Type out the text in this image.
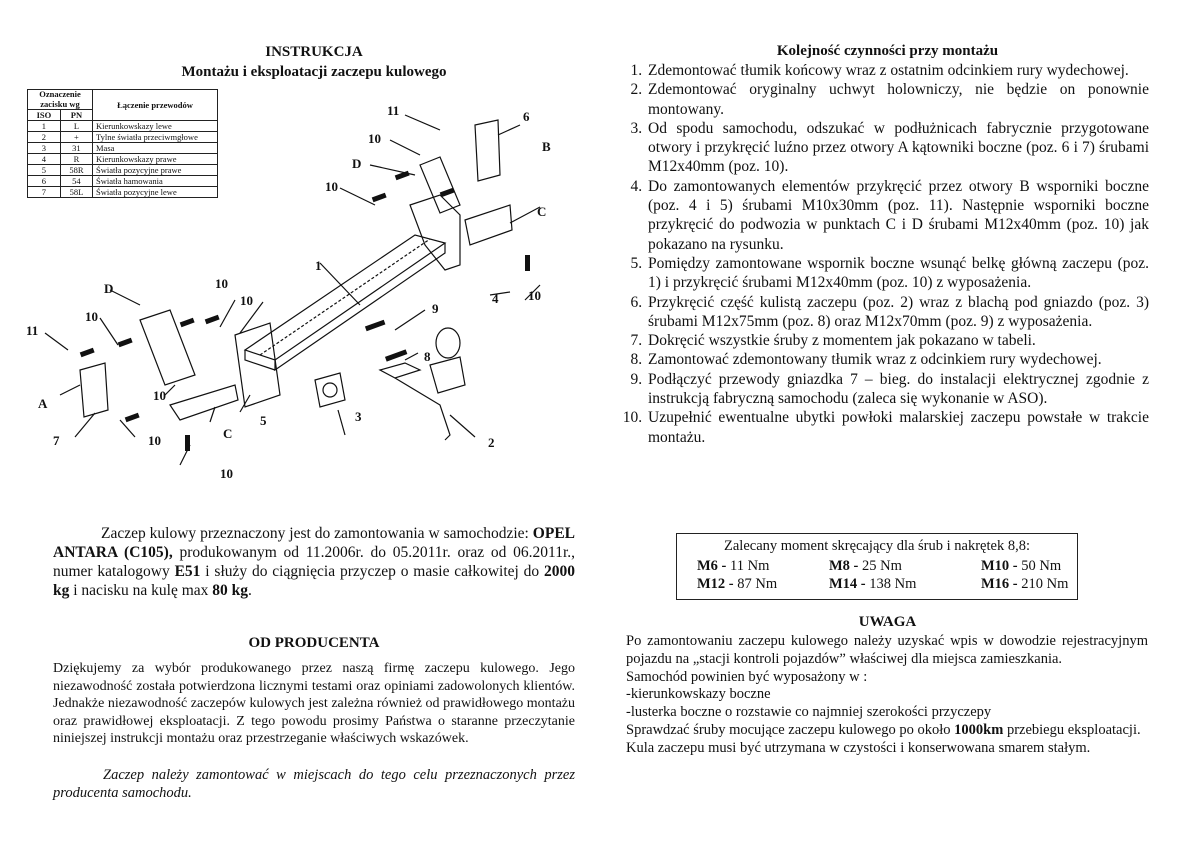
INSTRUKCJA
Montażu i eksploatacji zaczepu kulowego
Oznaczenie zacisku wg		Łączenie przewodów
ISO	PN	
1	L	Kierunkowskazy lewe
2	+	Tylne światła przeciwmgłowe
3	31	Masa
4	R	Kierunkowskazy prawe
5	58R	Światła pozycyjne prawe
6	54	Światła hamowania
7	58L	Światła pozycyjne lewe
1
2
3
4
5
6
7
8
9
11
11
10
10
10
10
10
10
10
10
10
A
B
C
C
D
D
Zaczep kulowy przeznaczony jest do zamontowania w samochodzie: OPEL ANTARA (C105), produkowanym od 11.2006r. do 05.2011r. oraz od 06.2011r., numer katalogowy E51 i służy do ciągnięcia przyczep o masie całkowitej do 2000 kg i nacisku na kulę max 80 kg.
OD PRODUCENTA
Dziękujemy za wybór produkowanego przez naszą firmę zaczepu kulowego. Jego niezawodność została potwierdzona licznymi testami oraz opiniami zadowolonych klientów. Jednakże niezawodność zaczepów kulowych jest zależna również od prawidłowego montażu oraz prawidłowej eksploatacji. Z tego powodu prosimy Państwa o staranne przeczytanie niniejszej instrukcji montażu oraz przestrzeganie właściwych wskazówek.
Zaczep należy zamontować w miejscach do tego celu przeznaczonych przez producenta samochodu.
Kolejność czynności przy montażu
1. Zdemontować tłumik końcowy wraz z ostatnim odcinkiem rury wydechowej.
2. Zdemontować oryginalny uchwyt holowniczy, nie będzie on ponownie montowany.
3. Od spodu samochodu, odszukać w podłużnicach fabrycznie przygotowane otwory i przykręcić luźno przez otwory A kątowniki boczne (poz. 6 i 7) śrubami M12x40mm (poz. 10).
4. Do zamontowanych elementów przykręcić przez otwory B wsporniki boczne (poz. 4 i 5) śrubami M10x30mm (poz. 11). Następnie wsporniki boczne przykręcić do podwozia w punktach C i D śrubami M12x40mm (poz. 10) jak pokazano na rysunku.
5. Pomiędzy zamontowane wspornik boczne wsunąć belkę główną zaczepu (poz. 1) i przykręcić śrubami M12x40mm (poz. 10) z wyposażenia.
6. Przykręcić część kulistą zaczepu (poz. 2) wraz z blachą pod gniazdo (poz. 3) śrubami M12x75mm (poz. 8) oraz M12x70mm (poz. 9) z wyposażenia.
7. Dokręcić wszystkie śruby z momentem jak pokazano w tabeli.
8. Zamontować zdemontowany tłumik wraz z odcinkiem rury wydechowej.
9. Podłączyć przewody gniazdka 7 – bieg. do instalacji elektrycznej zgodnie z instrukcją fabryczną samochodu (zaleca się wykonanie w ASO).
10. Uzupełnić ewentualne ubytki powłoki malarskiej zaczepu powstałe w trakcie montażu.
Zalecany moment skręcający dla śrub i nakrętek 8,8:
M6 - 11 Nm	M8 - 25 Nm	M10 - 50 Nm
M12 - 87 Nm	M14 - 138 Nm	M16 - 210 Nm
UWAGA
Po zamontowaniu zaczepu kulowego należy uzyskać wpis w dowodzie rejestracyjnym pojazdu na „stacji kontroli pojazdów” właściwej dla miejsca zamieszkania.
Samochód powinien być wyposażony w :
-kierunkowskazy boczne
-lusterka boczne o rozstawie co najmniej szerokości przyczepy
Sprawdzać śruby mocujące zaczepu kulowego po około 1000km przebiegu eksploatacji.
Kula zaczepu musi być utrzymana w czystości i konserwowana smarem stałym.
